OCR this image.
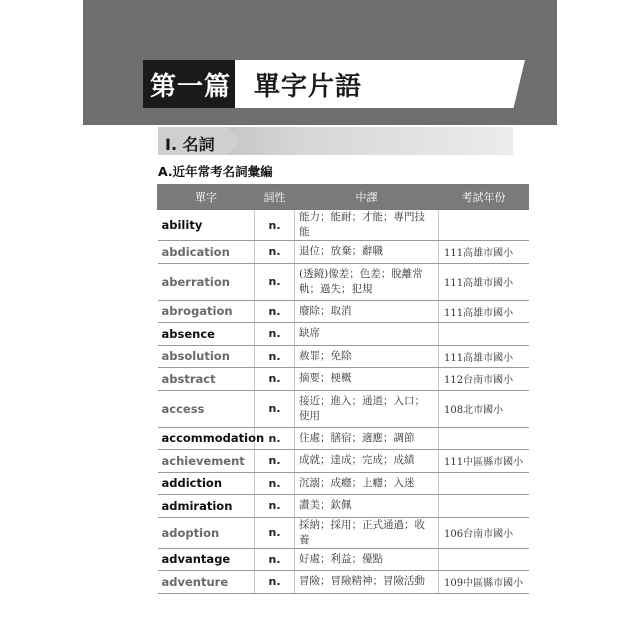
第一篇 單字片語
I. 名詞
A.近年常考名詞彙編
單字	詞性	中譯	考試年份
ability	n.	能力；能耐；才能；專門技能	
abdication	n.	退位；放棄；辭職	111高雄市國小
aberration	n.	(透鏡)像差；色差；脫離常軌；過失；犯規	111高雄市國小
abrogation	n.	廢除；取消	111高雄市國小
absence	n.	缺席	
absolution	n.	赦罪；免除	111高雄市國小
abstract	n.	摘要；梗概	112台南市國小
access	n.	接近；進入；通道；入口；使用	108北市國小
accommodation	n.	住處；膳宿；適應；調節	
achievement	n.	成就；達成；完成；成績	111中區縣市國小
addiction	n.	沉溺；成癮；上癮；入迷	
admiration	n.	讚美；欽佩	
adoption	n.	採納；採用；正式通過；收養	106台南市國小
advantage	n.	好處；利益；優點	
adventure	n.	冒險；冒險精神；冒險活動	109中區縣市國小
